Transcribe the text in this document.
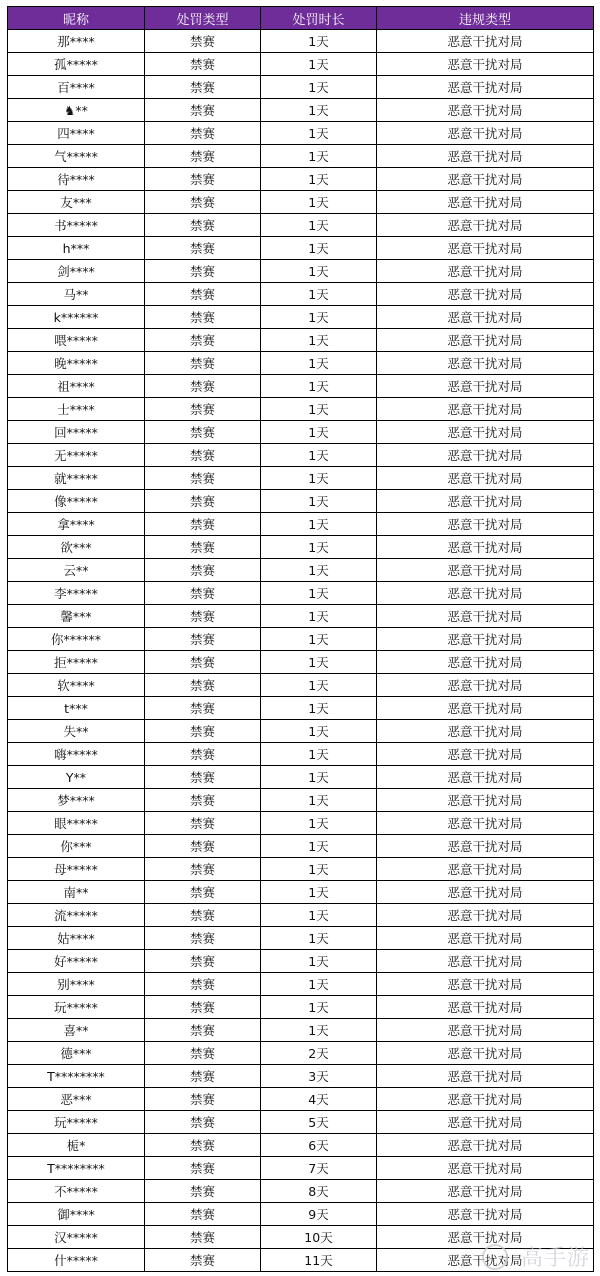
昵称	处罚类型	处罚时长	违规类型
那****	禁赛	1天	恶意干扰对局
孤*****	禁赛	1天	恶意干扰对局
百****	禁赛	1天	恶意干扰对局
♞**	禁赛	1天	恶意干扰对局
四****	禁赛	1天	恶意干扰对局
气*****	禁赛	1天	恶意干扰对局
待****	禁赛	1天	恶意干扰对局
友***	禁赛	1天	恶意干扰对局
书*****	禁赛	1天	恶意干扰对局
h***	禁赛	1天	恶意干扰对局
剑****	禁赛	1天	恶意干扰对局
马**	禁赛	1天	恶意干扰对局
k******	禁赛	1天	恶意干扰对局
喂*****	禁赛	1天	恶意干扰对局
晚*****	禁赛	1天	恶意干扰对局
祖****	禁赛	1天	恶意干扰对局
士****	禁赛	1天	恶意干扰对局
回*****	禁赛	1天	恶意干扰对局
无*****	禁赛	1天	恶意干扰对局
就*****	禁赛	1天	恶意干扰对局
像*****	禁赛	1天	恶意干扰对局
拿****	禁赛	1天	恶意干扰对局
欲***	禁赛	1天	恶意干扰对局
云**	禁赛	1天	恶意干扰对局
李*****	禁赛	1天	恶意干扰对局
馨***	禁赛	1天	恶意干扰对局
你******	禁赛	1天	恶意干扰对局
拒*****	禁赛	1天	恶意干扰对局
软****	禁赛	1天	恶意干扰对局
t***	禁赛	1天	恶意干扰对局
失**	禁赛	1天	恶意干扰对局
嗨*****	禁赛	1天	恶意干扰对局
Y**	禁赛	1天	恶意干扰对局
梦****	禁赛	1天	恶意干扰对局
眼*****	禁赛	1天	恶意干扰对局
你***	禁赛	1天	恶意干扰对局
母*****	禁赛	1天	恶意干扰对局
南**	禁赛	1天	恶意干扰对局
流*****	禁赛	1天	恶意干扰对局
姑****	禁赛	1天	恶意干扰对局
好*****	禁赛	1天	恶意干扰对局
别****	禁赛	1天	恶意干扰对局
玩*****	禁赛	1天	恶意干扰对局
喜**	禁赛	1天	恶意干扰对局
德***	禁赛	2天	恶意干扰对局
T********	禁赛	3天	恶意干扰对局
恶***	禁赛	4天	恶意干扰对局
玩*****	禁赛	5天	恶意干扰对局
栀*	禁赛	6天	恶意干扰对局
T********	禁赛	7天	恶意干扰对局
不*****	禁赛	8天	恶意干扰对局
御****	禁赛	9天	恶意干扰对局
汉*****	禁赛	10天	恶意干扰对局
什*****	禁赛	11天	恶意干扰对局
高手游
